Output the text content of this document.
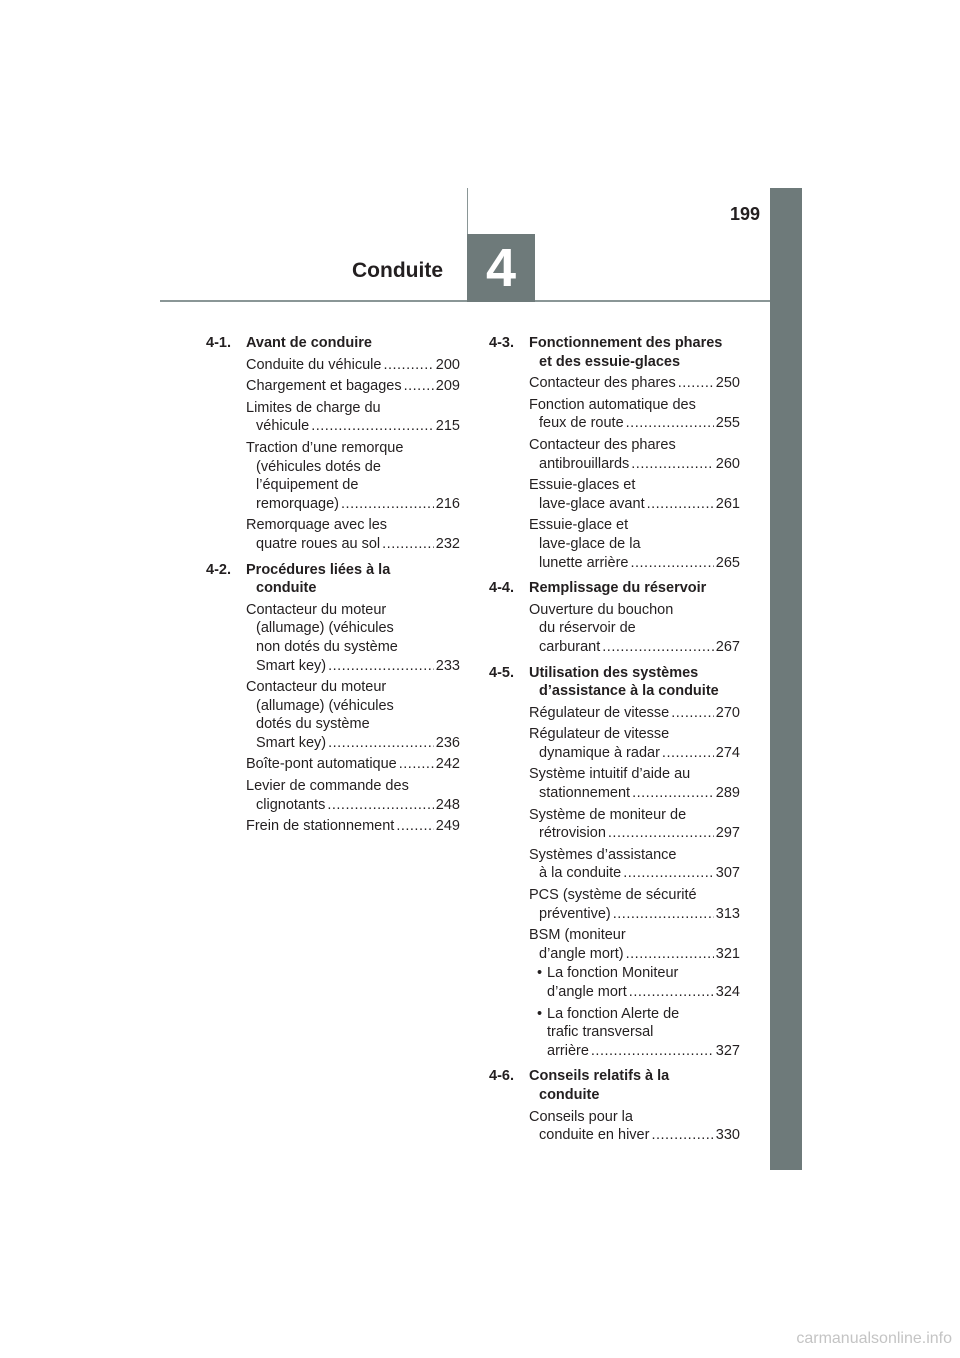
199
Conduite 4
4-1.	Avant de conduire
Conduite du véhicule .....	200
Chargement et bagages ..... 209
Limites de charge du
véhicule .....	215
Traction d’une remorque
(véhicules dotés de
l’équipement de
remorquage) .....	216
Remorquage avec les
quatre roues au sol .....	232
4-2.	Procédures liées à la
conduite
Contacteur du moteur
(allumage) (véhicules
non dotés du système
Smart key) .....	233
Contacteur du moteur
(allumage) (véhicules
dotés du système
Smart key) .....	236
Boîte-pont automatique .....	242
Levier de commande des
clignotants .....	248
Frein de stationnement .....	249
4-3.	Fonctionnement des phares
et des essuie-glaces
Contacteur des phares .....	250
Fonction automatique des
feux de route .....	255
Contacteur des phares
antibrouillards .....	260
Essuie-glaces et
lave-glace avant .....	261
Essuie-glace et
lave-glace de la
lunette arrière .....	265
4-4.	Remplissage du réservoir
Ouverture du bouchon
du réservoir de
carburant .....	267
4-5.	Utilisation des systèmes
d’assistance à la conduite
Régulateur de vitesse .....	270
Régulateur de vitesse
dynamique à radar .....	274
Système intuitif d’aide au
stationnement .....	289
Système de moniteur de
rétrovision .....	297
Systèmes d’assistance
à la conduite .....	307
PCS (système de sécurité
préventive) .....	313
BSM (moniteur
d’angle mort) .....	321
• La fonction Moniteur
d’angle mort .....	324
• La fonction Alerte de
trafic transversal
arrière .....	327
4-6.	Conseils relatifs à la
conduite
Conseils pour la
conduite en hiver .....	330
carmanualsonline.info
